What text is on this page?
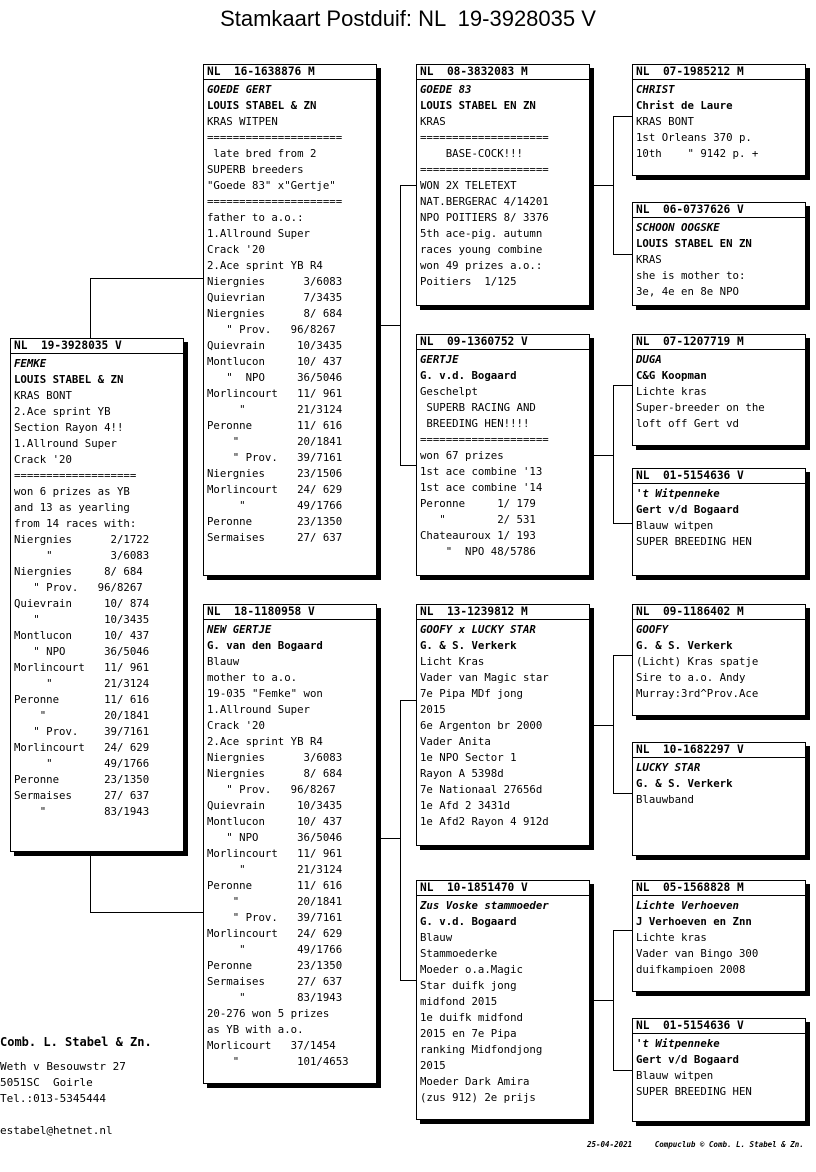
Stamkaart Postduif: NL  19-3928035 V
NL  19-3928035 V
FEMKE
LOUIS STABEL & ZN
KRAS BONT
2.Ace sprint YB
Section Rayon 4!!
1.Allround Super
Crack '20
===================
won 6 prizes as YB
and 13 as yearling
from 14 races with:
Niergnies      2/1722
"         3/6083
Niergnies     8/ 684
" Prov.   96/8267
Quievrain     10/ 874
"          10/3435
Montlucon     10/ 437
" NPO      36/5046
Morlincourt   11/ 961
"        21/3124
Peronne       11/ 616
"         20/1841
" Prov.    39/7161
Morlincourt   24/ 629
"        49/1766
Peronne       23/1350
Sermaises     27/ 637
"         83/1943
NL  16-1638876 M
GOEDE GERT
LOUIS STABEL & ZN
KRAS WITPEN
=====================
late bred from 2
SUPERB breeders
"Goede 83" x"Gertje"
=====================
father to a.o.:
1.Allround Super
Crack '20
2.Ace sprint YB R4
Niergnies      3/6083
Quievrian      7/3435
Niergnies      8/ 684
" Prov.   96/8267
Quievrain     10/3435
Montlucon     10/ 437
"  NPO     36/5046
Morlincourt   11/ 961
"        21/3124
Peronne       11/ 616
"         20/1841
" Prov.   39/7161
Niergnies     23/1506
Morlincourt   24/ 629
"        49/1766
Peronne       23/1350
Sermaises     27/ 637
NL  18-1180958 V
NEW GERTJE
G. van den Bogaard
Blauw
mother to a.o.
19-035 "Femke" won
1.Allround Super
Crack '20
2.Ace sprint YB R4
Niergnies      3/6083
Niergnies      8/ 684
" Prov.   96/8267
Quievrain     10/3435
Montlucon     10/ 437
" NPO      36/5046
Morlincourt   11/ 961
"        21/3124
Peronne       11/ 616
"         20/1841
" Prov.   39/7161
Morlincourt   24/ 629
"        49/1766
Peronne       23/1350
Sermaises     27/ 637
"        83/1943
20-276 won 5 prizes
as YB with a.o.
Morlicourt   37/1454
"         101/4653
NL  08-3832083 M
GOEDE 83
LOUIS STABEL EN ZN
KRAS
====================
BASE-COCK!!!
====================
WON 2X TELETEXT
NAT.BERGERAC 4/14201
NPO POITIERS 8/ 3376
5th ace-pig. autumn
races young combine
won 49 prizes a.o.:
Poitiers  1/125
NL  09-1360752 V
GERTJE
G. v.d. Bogaard
Geschelpt
SUPERB RACING AND
BREEDING HEN!!!!
====================
won 67 prizes
1st ace combine '13
1st ace combine '14
Peronne     1/ 179
"        2/ 531
Chateauroux 1/ 193
"  NPO 48/5786
NL  13-1239812 M
GOOFY x LUCKY STAR
G. & S. Verkerk
Licht Kras
Vader van Magic star
7e Pipa MDf jong
2015
6e Argenton br 2000
Vader Anita
1e NPO Sector 1
Rayon A 5398d
7e Nationaal 27656d
1e Afd 2 3431d
1e Afd2 Rayon 4 912d
NL  10-1851470 V
Zus Voske stammoeder
G. v.d. Bogaard
Blauw
Stammoederke
Moeder o.a.Magic
Star duifk jong
midfond 2015
1e duifk midfond
2015 en 7e Pipa
ranking Midfondjong
2015
Moeder Dark Amira
(zus 912) 2e prijs
NL  07-1985212 M
CHRIST
Christ de Laure
KRAS BONT
1st Orleans 370 p.
10th    " 9142 p. +
NL  06-0737626 V
SCHOON OOGSKE
LOUIS STABEL EN ZN
KRAS
she is mother to:
3e, 4e en 8e NPO
NL  07-1207719 M
DUGA
C&G Koopman
Lichte kras
Super-breeder on the
loft off Gert vd
NL  01-5154636 V
't Witpenneke
Gert v/d Bogaard
Blauw witpen
SUPER BREEDING HEN
NL  09-1186402 M
GOOFY
G. & S. Verkerk
(Licht) Kras spatje
Sire to a.o. Andy
Murray:3rd^Prov.Ace
NL  10-1682297 V
LUCKY STAR
G. & S. Verkerk
Blauwband
NL  05-1568828 M
Lichte Verhoeven
J Verhoeven en Znn
Lichte kras
Vader van Bingo 300
duifkampioen 2008
NL  01-5154636 V
't Witpenneke
Gert v/d Bogaard
Blauw witpen
SUPER BREEDING HEN
Comb. L. Stabel & Zn.
Weth v Besouwstr 27
5051SC  Goirle
Tel.:013-5345444
estabel@hetnet.nl
25-04-2021	Compuclub © Comb. L. Stabel & Zn.
